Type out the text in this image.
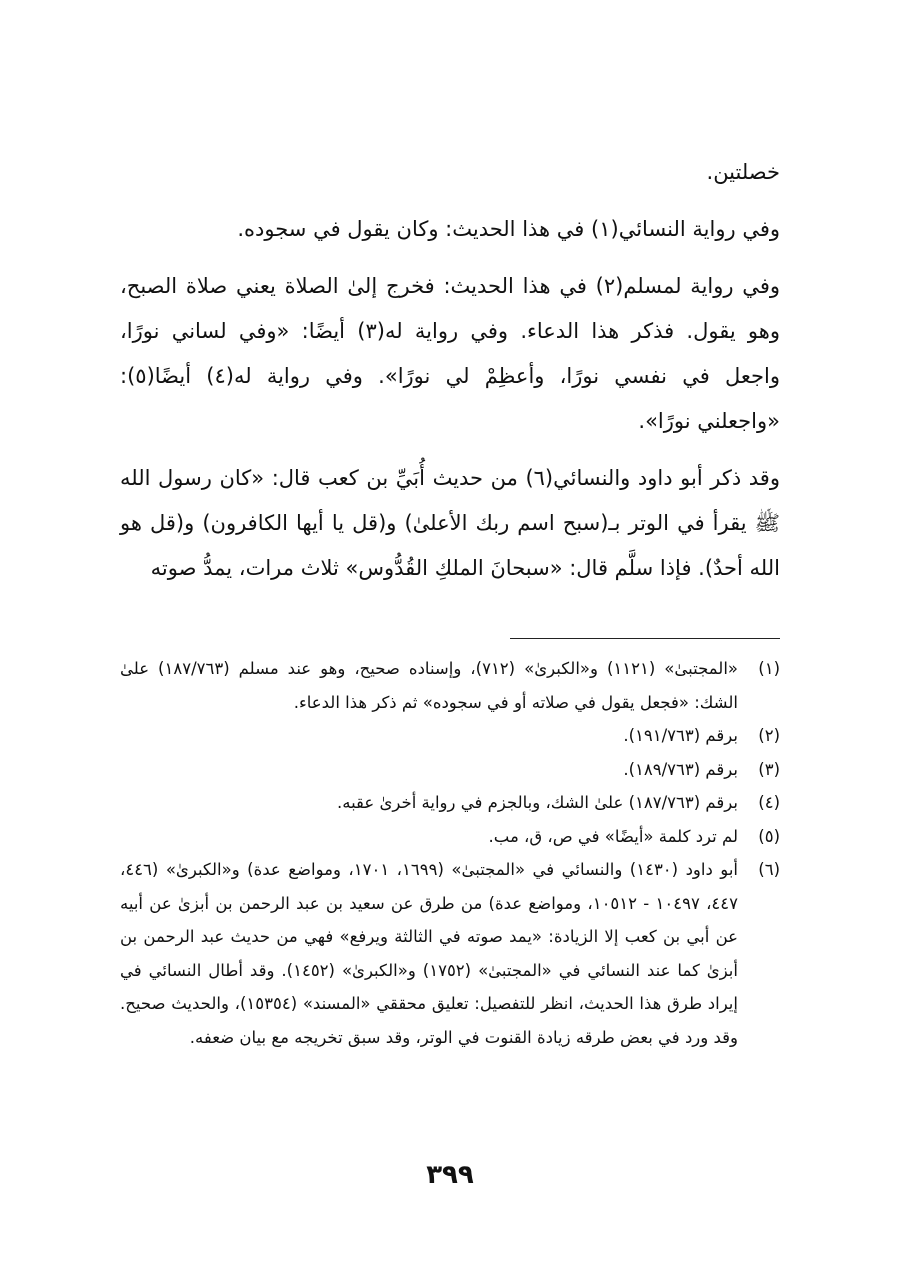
خصلتين.

وفي رواية النسائي(١) في هذا الحديث: وكان يقول في سجوده.

وفي رواية لمسلم(٢) في هذا الحديث: فخرج إلىٰ الصلاة يعني صلاة الصبح، وهو يقول. فذكر هذا الدعاء. وفي رواية له(٣) أيضًا: «وفي لساني نورًا، واجعل في نفسي نورًا، وأعظِمْ لي نورًا». وفي رواية له(٤) أيضًا(٥): «واجعلني نورًا».

وقد ذكر أبو داود والنسائي(٦) من حديث أُبَيِّ بن كعب قال: «كان رسول الله ﷺ يقرأ في الوتر بـ(سبح اسم ربك الأعلىٰ) و(قل يا أيها الكافرون) و(قل هو الله أحدٌ). فإذا سلَّم قال: «سبحانَ الملكِ القُدُّوس» ثلاث مرات، يمدُّ صوته

(١)
«المجتبىٰ» (١١٢١) و«الكبرىٰ» (٧١٢)، وإسناده صحيح، وهو عند مسلم (١٨٧/٧٦٣) علىٰ الشك: «فجعل يقول في صلاته أو في سجوده» ثم ذكر هذا الدعاء.
(٢)
برقم (١٩١/٧٦٣).
(٣)
برقم (١٨٩/٧٦٣).
(٤)
برقم (١٨٧/٧٦٣) علىٰ الشك، وبالجزم في رواية أخرىٰ عقبه.
(٥)
لم ترد كلمة «أيضًا» في ص، ق، مب.
(٦)
أبو داود (١٤٣٠) والنسائي في «المجتبىٰ» (١٦٩٩، ١٧٠١، ومواضع عدة) و«الكبرىٰ» (٤٤٦، ٤٤٧، ١٠٤٩٧ - ١٠٥١٢، ومواضع عدة) من طرق عن سعيد بن عبد الرحمن بن أبزىٰ عن أبيه عن أبي بن كعب إلا الزيادة: «يمد صوته في الثالثة ويرفع» فهي من حديث عبد الرحمن بن أبزىٰ كما عند النسائي في «المجتبىٰ» (١٧٥٢) و«الكبرىٰ» (١٤٥٢). وقد أطال النسائي في إيراد طرق هذا الحديث، انظر للتفصيل: تعليق محققي «المسند» (١٥٣٥٤)، والحديث صحيح. وقد ورد في بعض طرقه زيادة القنوت في الوتر، وقد سبق تخريجه مع بيان ضعفه.
٣٩٩
